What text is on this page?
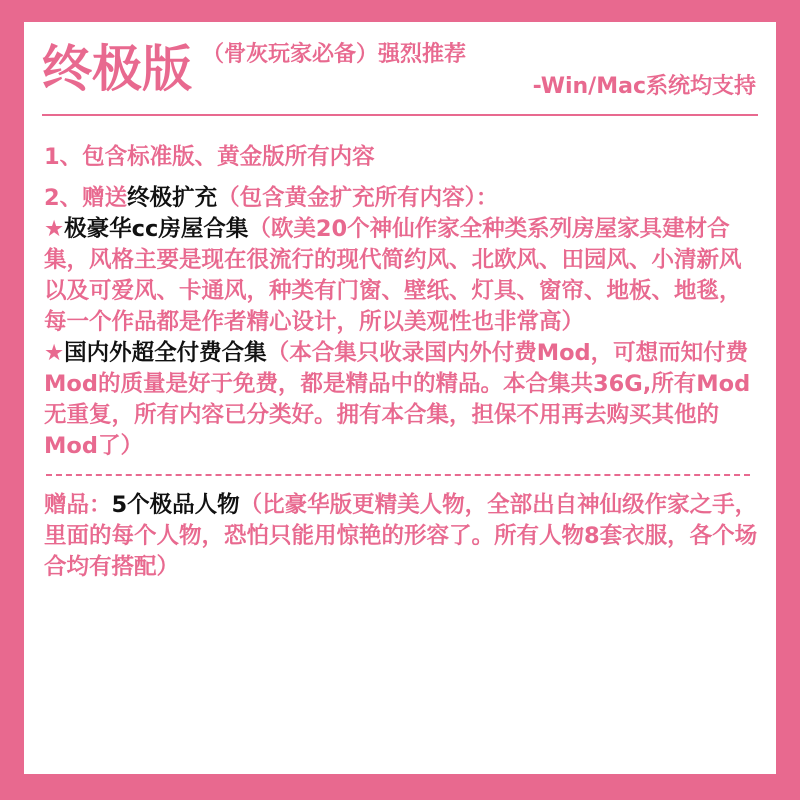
终极版 （骨灰玩家必备）强烈推荐
-Win/Mac系统均支持

1、包含标准版、黄金版所有内容

2、赠送终极扩充（包含黄金扩充所有内容）：

★极豪华cc房屋合集（欧美20个神仙作家全种类系列房屋家具建材合集，风格主要是现在很流行的现代简约风、北欧风、田园风、小清新风以及可爱风、卡通风，种类有门窗、壁纸、灯具、窗帘、地板、地毯，每一个作品都是作者精心设计，所以美观性也非常高）

★国内外超全付费合集（本合集只收录国内外付费Mod，可想而知付费Mod的质量是好于免费，都是精品中的精品。本合集共36G,所有Mod无重复，所有内容已分类好。拥有本合集，担保不用再去购买其他的Mod了）

赠品：5个极品人物（比豪华版更精美人物，全部出自神仙级作家之手，里面的每个人物，恐怕只能用惊艳的形容了。所有人物8套衣服，各个场合均有搭配）
